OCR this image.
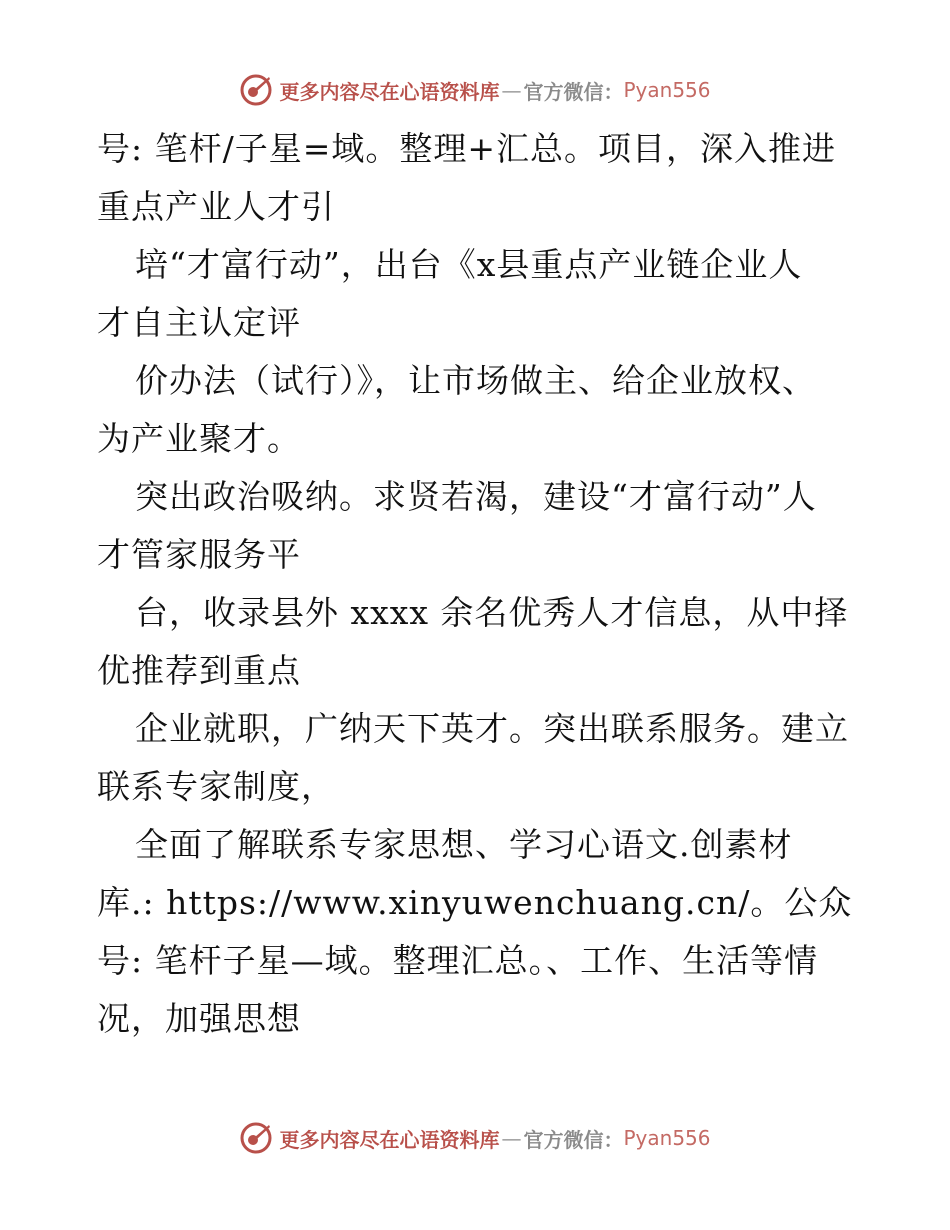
更多内容尽在心语资料库 — 官方微信： Pyan556
号: 笔杆/子星=域。整理+汇总。项目，深入推进
重点产业人才引
培“才富行动”，出台《x县重点产业链企业人
才自主认定评
价办法（试行）》，让市场做主、给企业放权、
为产业聚才。
突出政治吸纳。求贤若渴，建设“才富行动”人
才管家服务平
台，收录县外 xxxx 余名优秀人才信息，从中择
优推荐到重点
企业就职，广纳天下英才。突出联系服务。建立
联系专家制度，
全面了解联系专家思想、学习心语文.创素材
库.: https://www.xinyuwenchuang.cn/。公众
号: 笔杆子星—域。整理汇总。、工作、生活等情
况，加强思想
更多内容尽在心语资料库 — 官方微信： Pyan556
